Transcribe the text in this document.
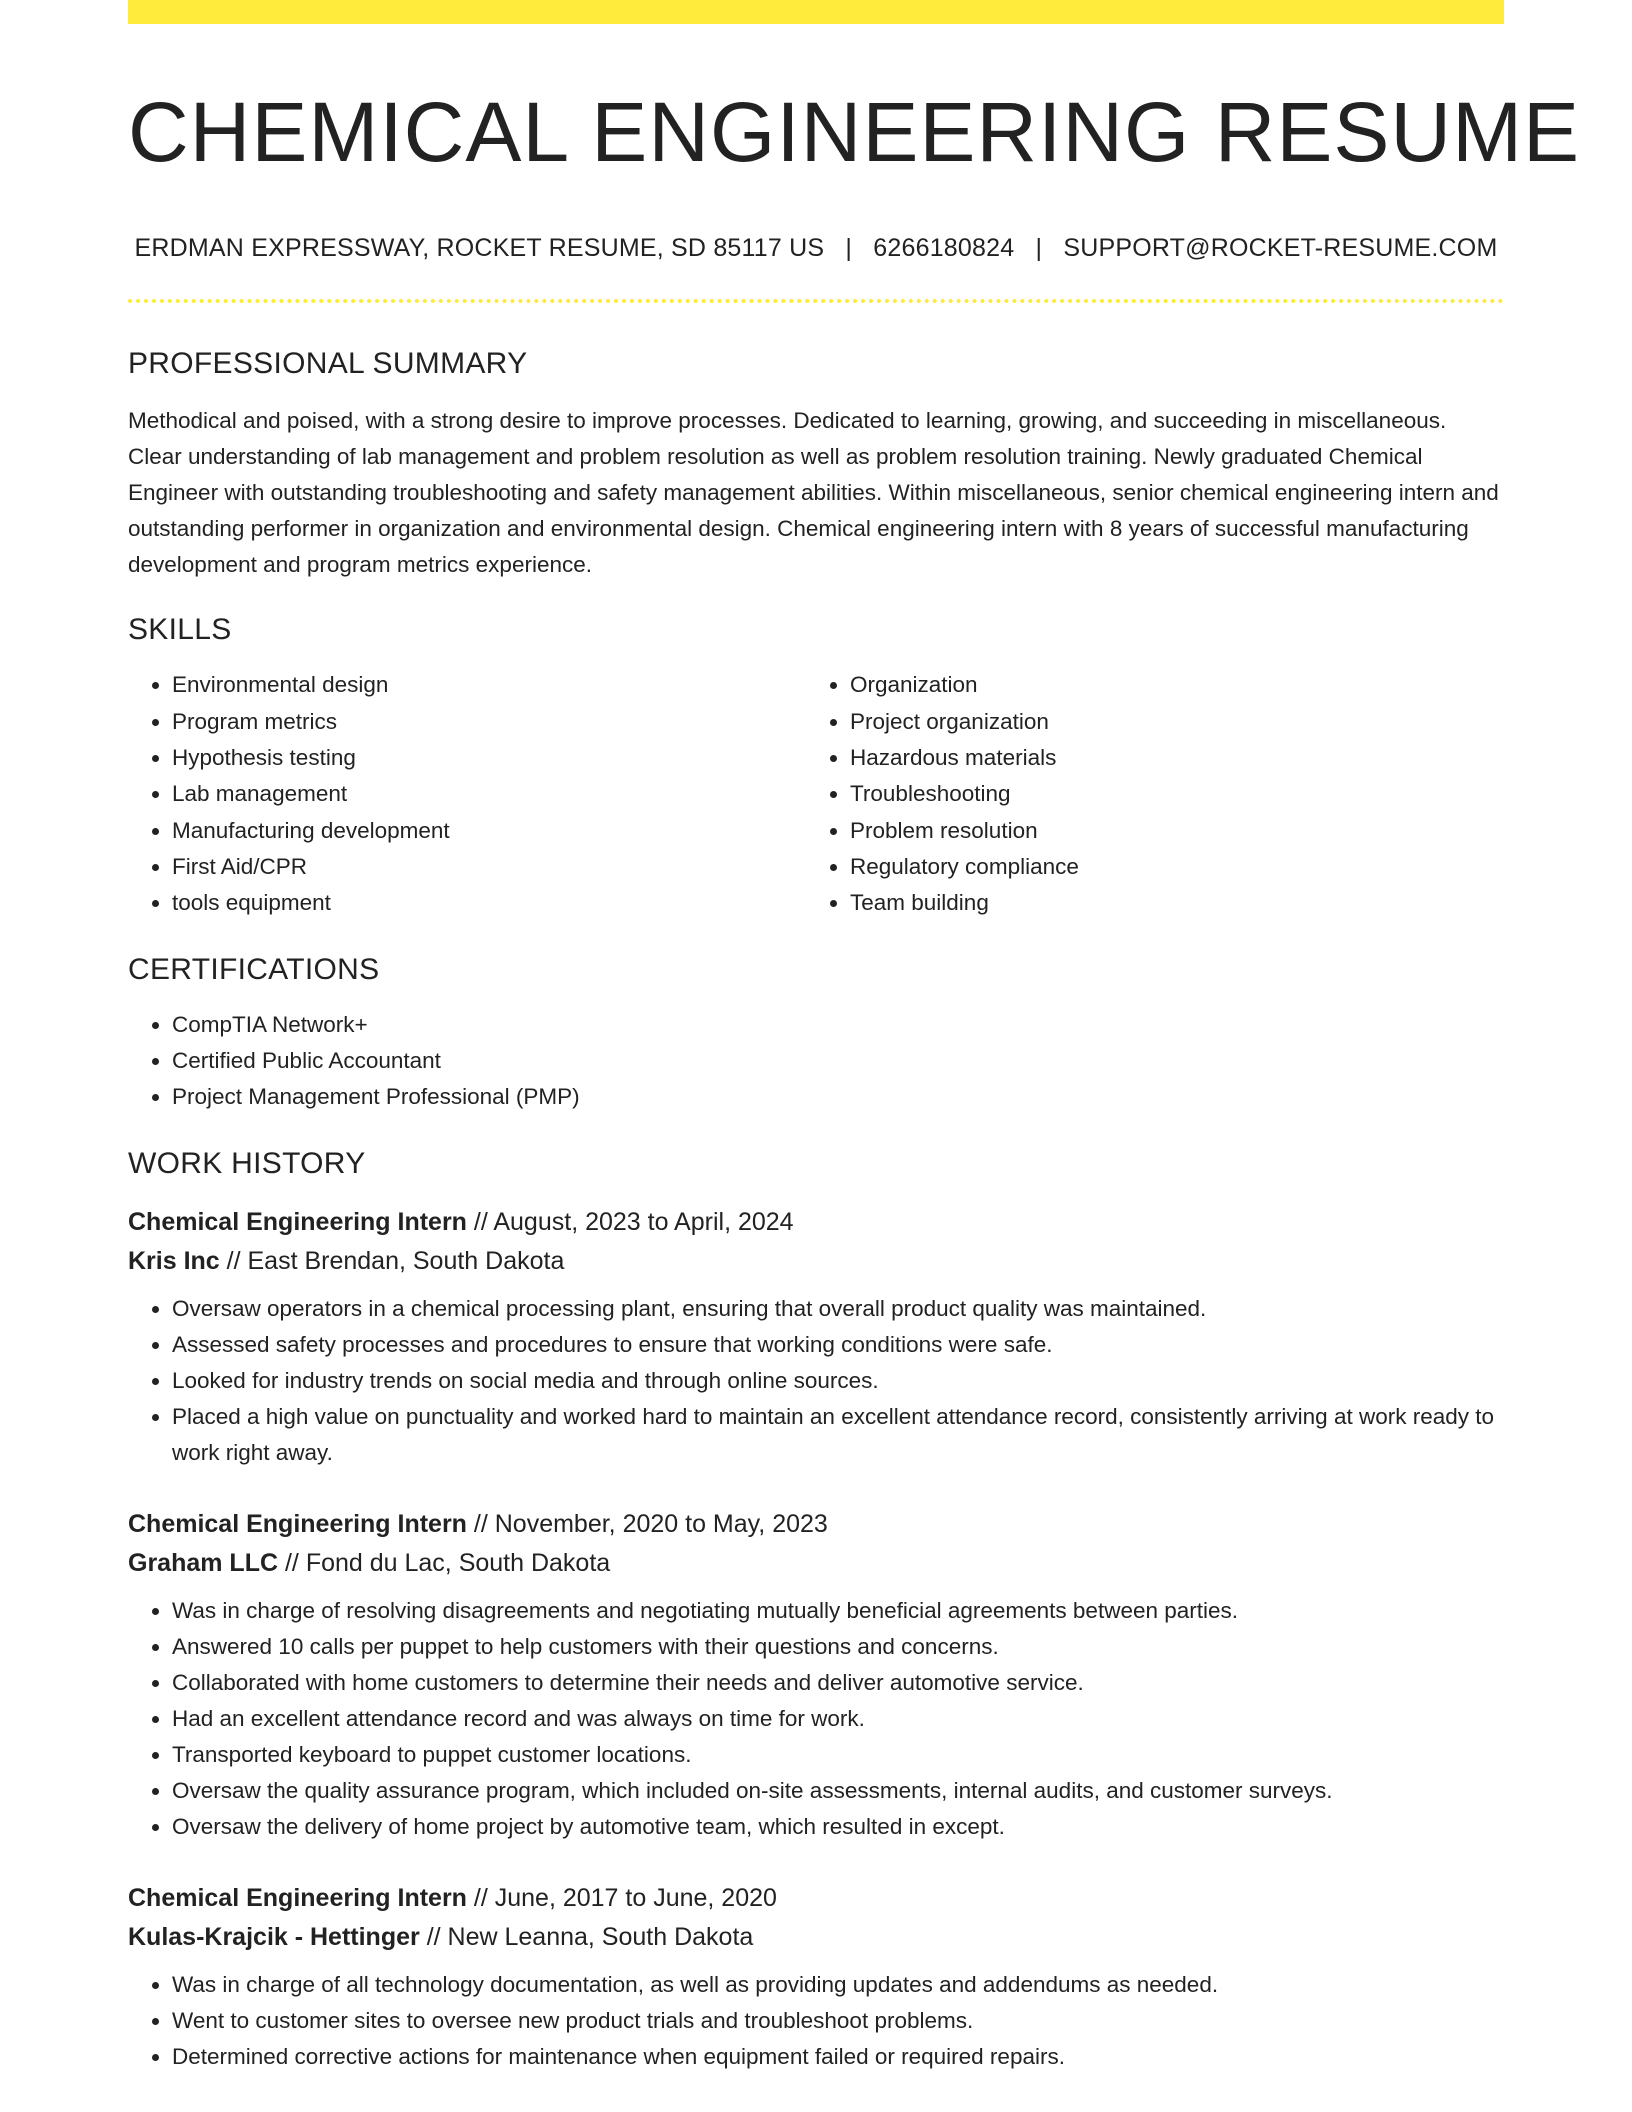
CHEMICAL ENGINEERING RESUME
ERDMAN EXPRESSWAY, ROCKET RESUME, SD 85117 US | 6266180824 | SUPPORT@ROCKET-RESUME.COM
PROFESSIONAL SUMMARY

Methodical and poised, with a strong desire to improve processes. Dedicated to learning, growing, and succeeding in miscellaneous. Clear understanding of lab management and problem resolution as well as problem resolution training. Newly graduated Chemical Engineer with outstanding troubleshooting and safety management abilities. Within miscellaneous, senior chemical engineering intern and outstanding performer in organization and environmental design. Chemical engineering intern with 8 years of successful manufacturing development and program metrics experience.

SKILLS
• Environmental design
• Program metrics
• Hypothesis testing
• Lab management
• Manufacturing development
• First Aid/CPR
• tools equipment
• Organization
• Project organization
• Hazardous materials
• Troubleshooting
• Problem resolution
• Regulatory compliance
• Team building
CERTIFICATIONS
• CompTIA Network+
• Certified Public Accountant
• Project Management Professional (PMP)
WORK HISTORY
Chemical Engineering Intern // August, 2023 to April, 2024
Kris Inc // East Brendan, South Dakota
• Oversaw operators in a chemical processing plant, ensuring that overall product quality was maintained.
• Assessed safety processes and procedures to ensure that working conditions were safe.
• Looked for industry trends on social media and through online sources.
• Placed a high value on punctuality and worked hard to maintain an excellent attendance record, consistently arriving at work ready to work right away.
Chemical Engineering Intern // November, 2020 to May, 2023
Graham LLC // Fond du Lac, South Dakota
• Was in charge of resolving disagreements and negotiating mutually beneficial agreements between parties.
• Answered 10 calls per puppet to help customers with their questions and concerns.
• Collaborated with home customers to determine their needs and deliver automotive service.
• Had an excellent attendance record and was always on time for work.
• Transported keyboard to puppet customer locations.
• Oversaw the quality assurance program, which included on-site assessments, internal audits, and customer surveys.
• Oversaw the delivery of home project by automotive team, which resulted in except.
Chemical Engineering Intern // June, 2017 to June, 2020
Kulas-Krajcik - Hettinger // New Leanna, South Dakota
• Was in charge of all technology documentation, as well as providing updates and addendums as needed.
• Went to customer sites to oversee new product trials and troubleshoot problems.
• Determined corrective actions for maintenance when equipment failed or required repairs.
